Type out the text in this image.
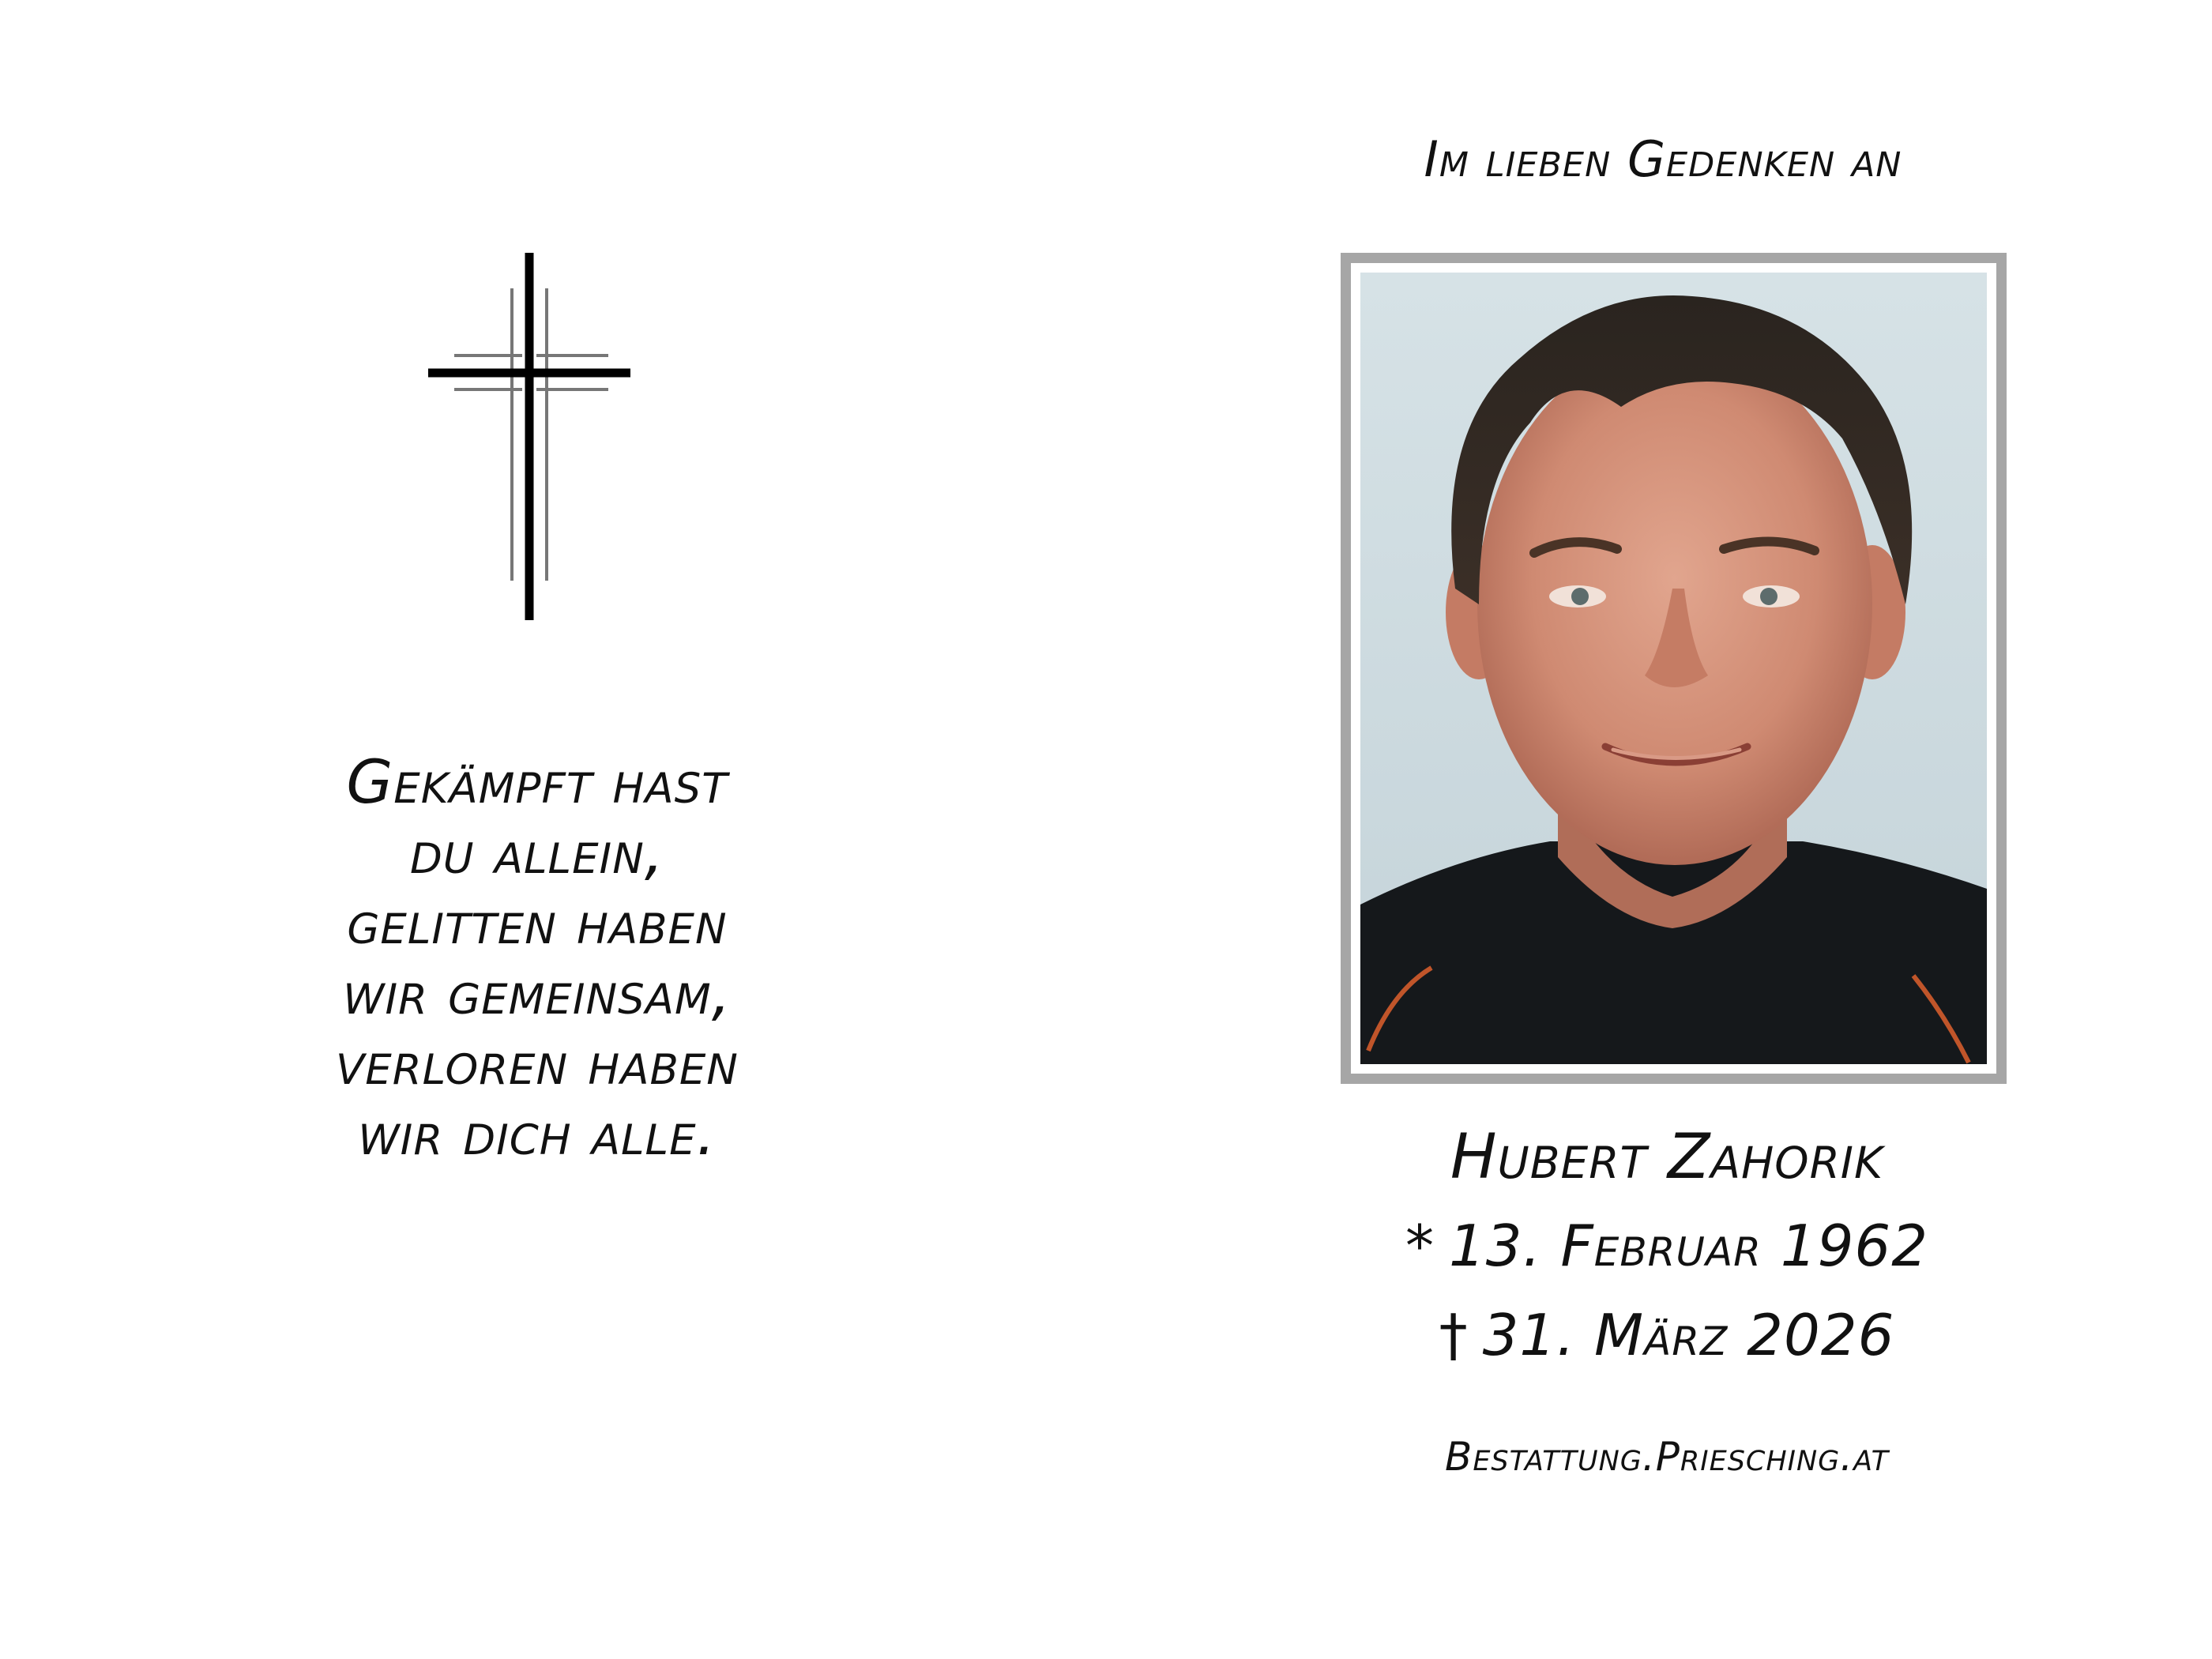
Gekämpft hast
du allein,
gelitten haben
wir gemeinsam,
verloren haben
wir dich alle.
Im lieben Gedenken an
Hubert Zahorik
* 13. Februar 1962
† 31. März 2026
Bestattung.Priesching.at
